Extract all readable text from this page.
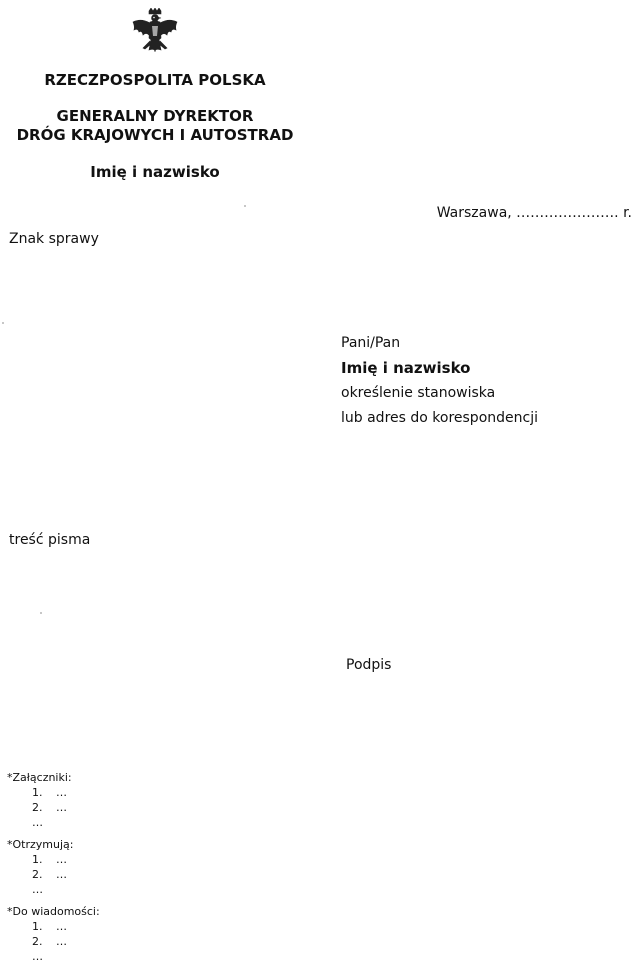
RZECZPOSPOLITA POLSKA
GENERALNY DYREKTOR
DRÓG KRAJOWYCH I AUTOSTRAD
Imię i nazwisko
Warszawa, …………………. r.
Znak sprawy
Pani/Pan
Imię i nazwisko
określenie stanowiska
lub adres do korespondencji
treść pisma
Podpis
*Załączniki:
1. …
2. …
…
*Otrzymują:
1. …
2. …
…
*Do wiadomości:
1. …
2. …
…
